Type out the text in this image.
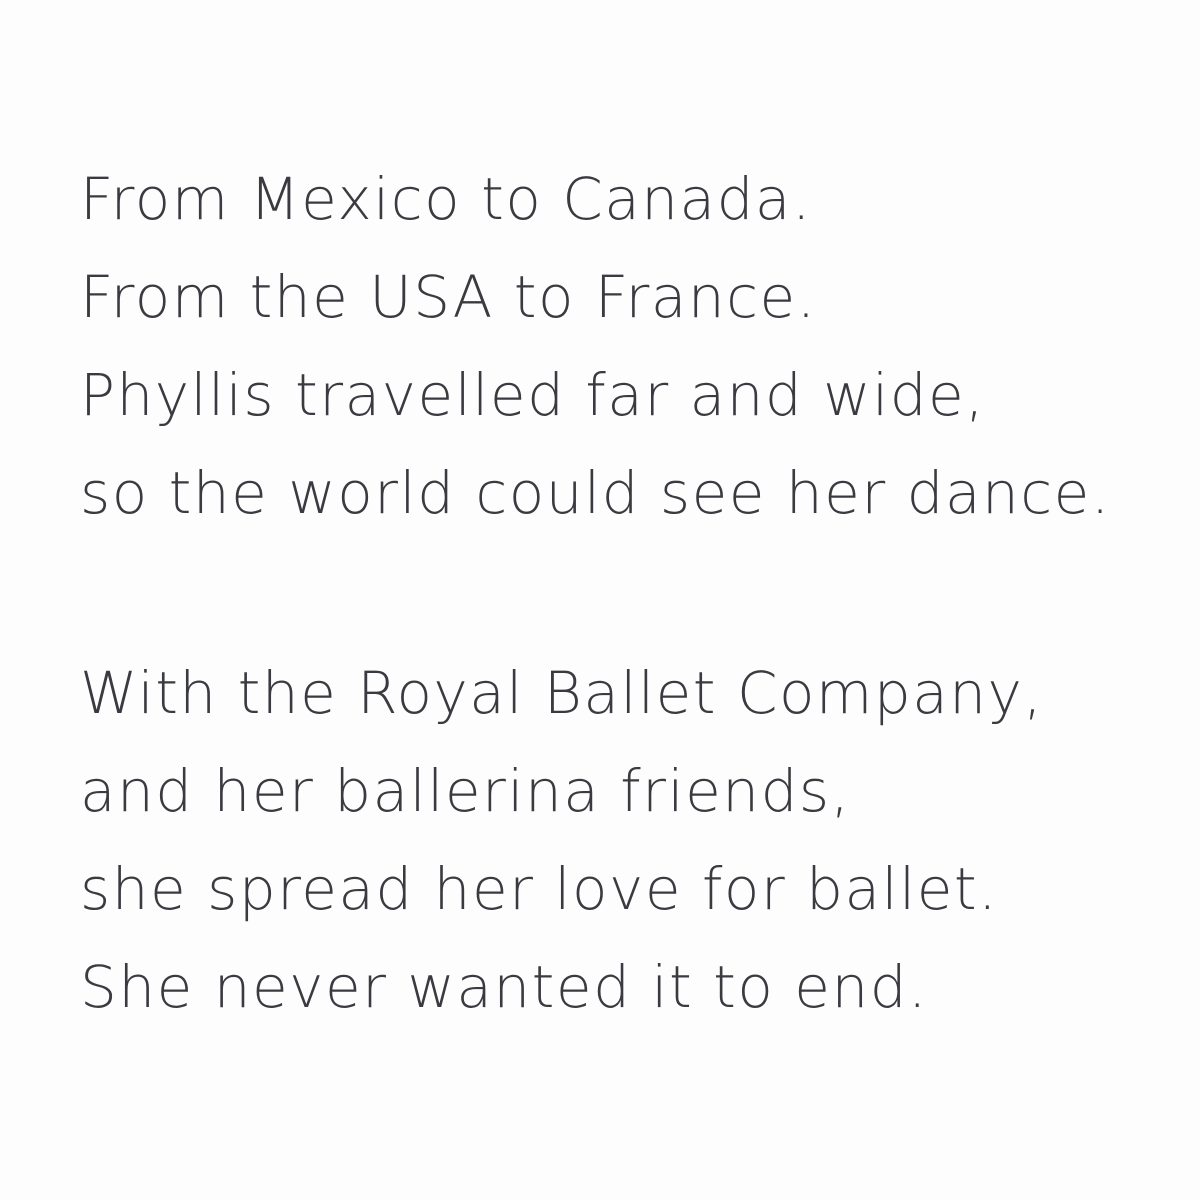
From Mexico to Canada.
From the USA to France.
Phyllis travelled far and wide,
so the world could see her dance.
With the Royal Ballet Company,
and her ballerina friends,
she spread her love for ballet.
She never wanted it to end.
